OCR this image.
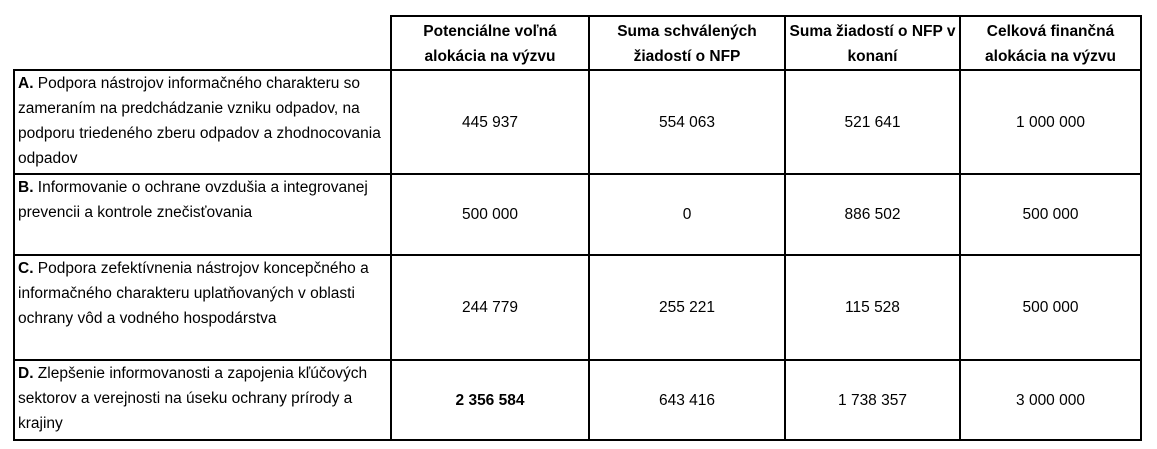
	Potenciálne voľná alokácia na výzvu	Suma schválených žiadostí o NFP	Suma žiadostí o NFP v konaní	Celková finančná alokácia na výzvu
A. Podpora nástrojov informačného charakteru so zameraním na predchádzanie vzniku odpadov, na podporu triedeného zberu odpadov a zhodnocovania odpadov	445 937	554 063	521 641	1 000 000
B. Informovanie o ochrane ovzdušia a integrovanej prevencii a kontrole znečisťovania	500 000	0	886 502	500 000
C. Podpora zefektívnenia nástrojov koncepčného a informačného charakteru uplatňovaných v oblasti ochrany vôd a vodného hospodárstva	244 779	255 221	115 528	500 000
D. Zlepšenie informovanosti a zapojenia kľúčových sektorov a verejnosti na úseku ochrany prírody a krajiny	2 356 584	643 416	1 738 357	3 000 000
